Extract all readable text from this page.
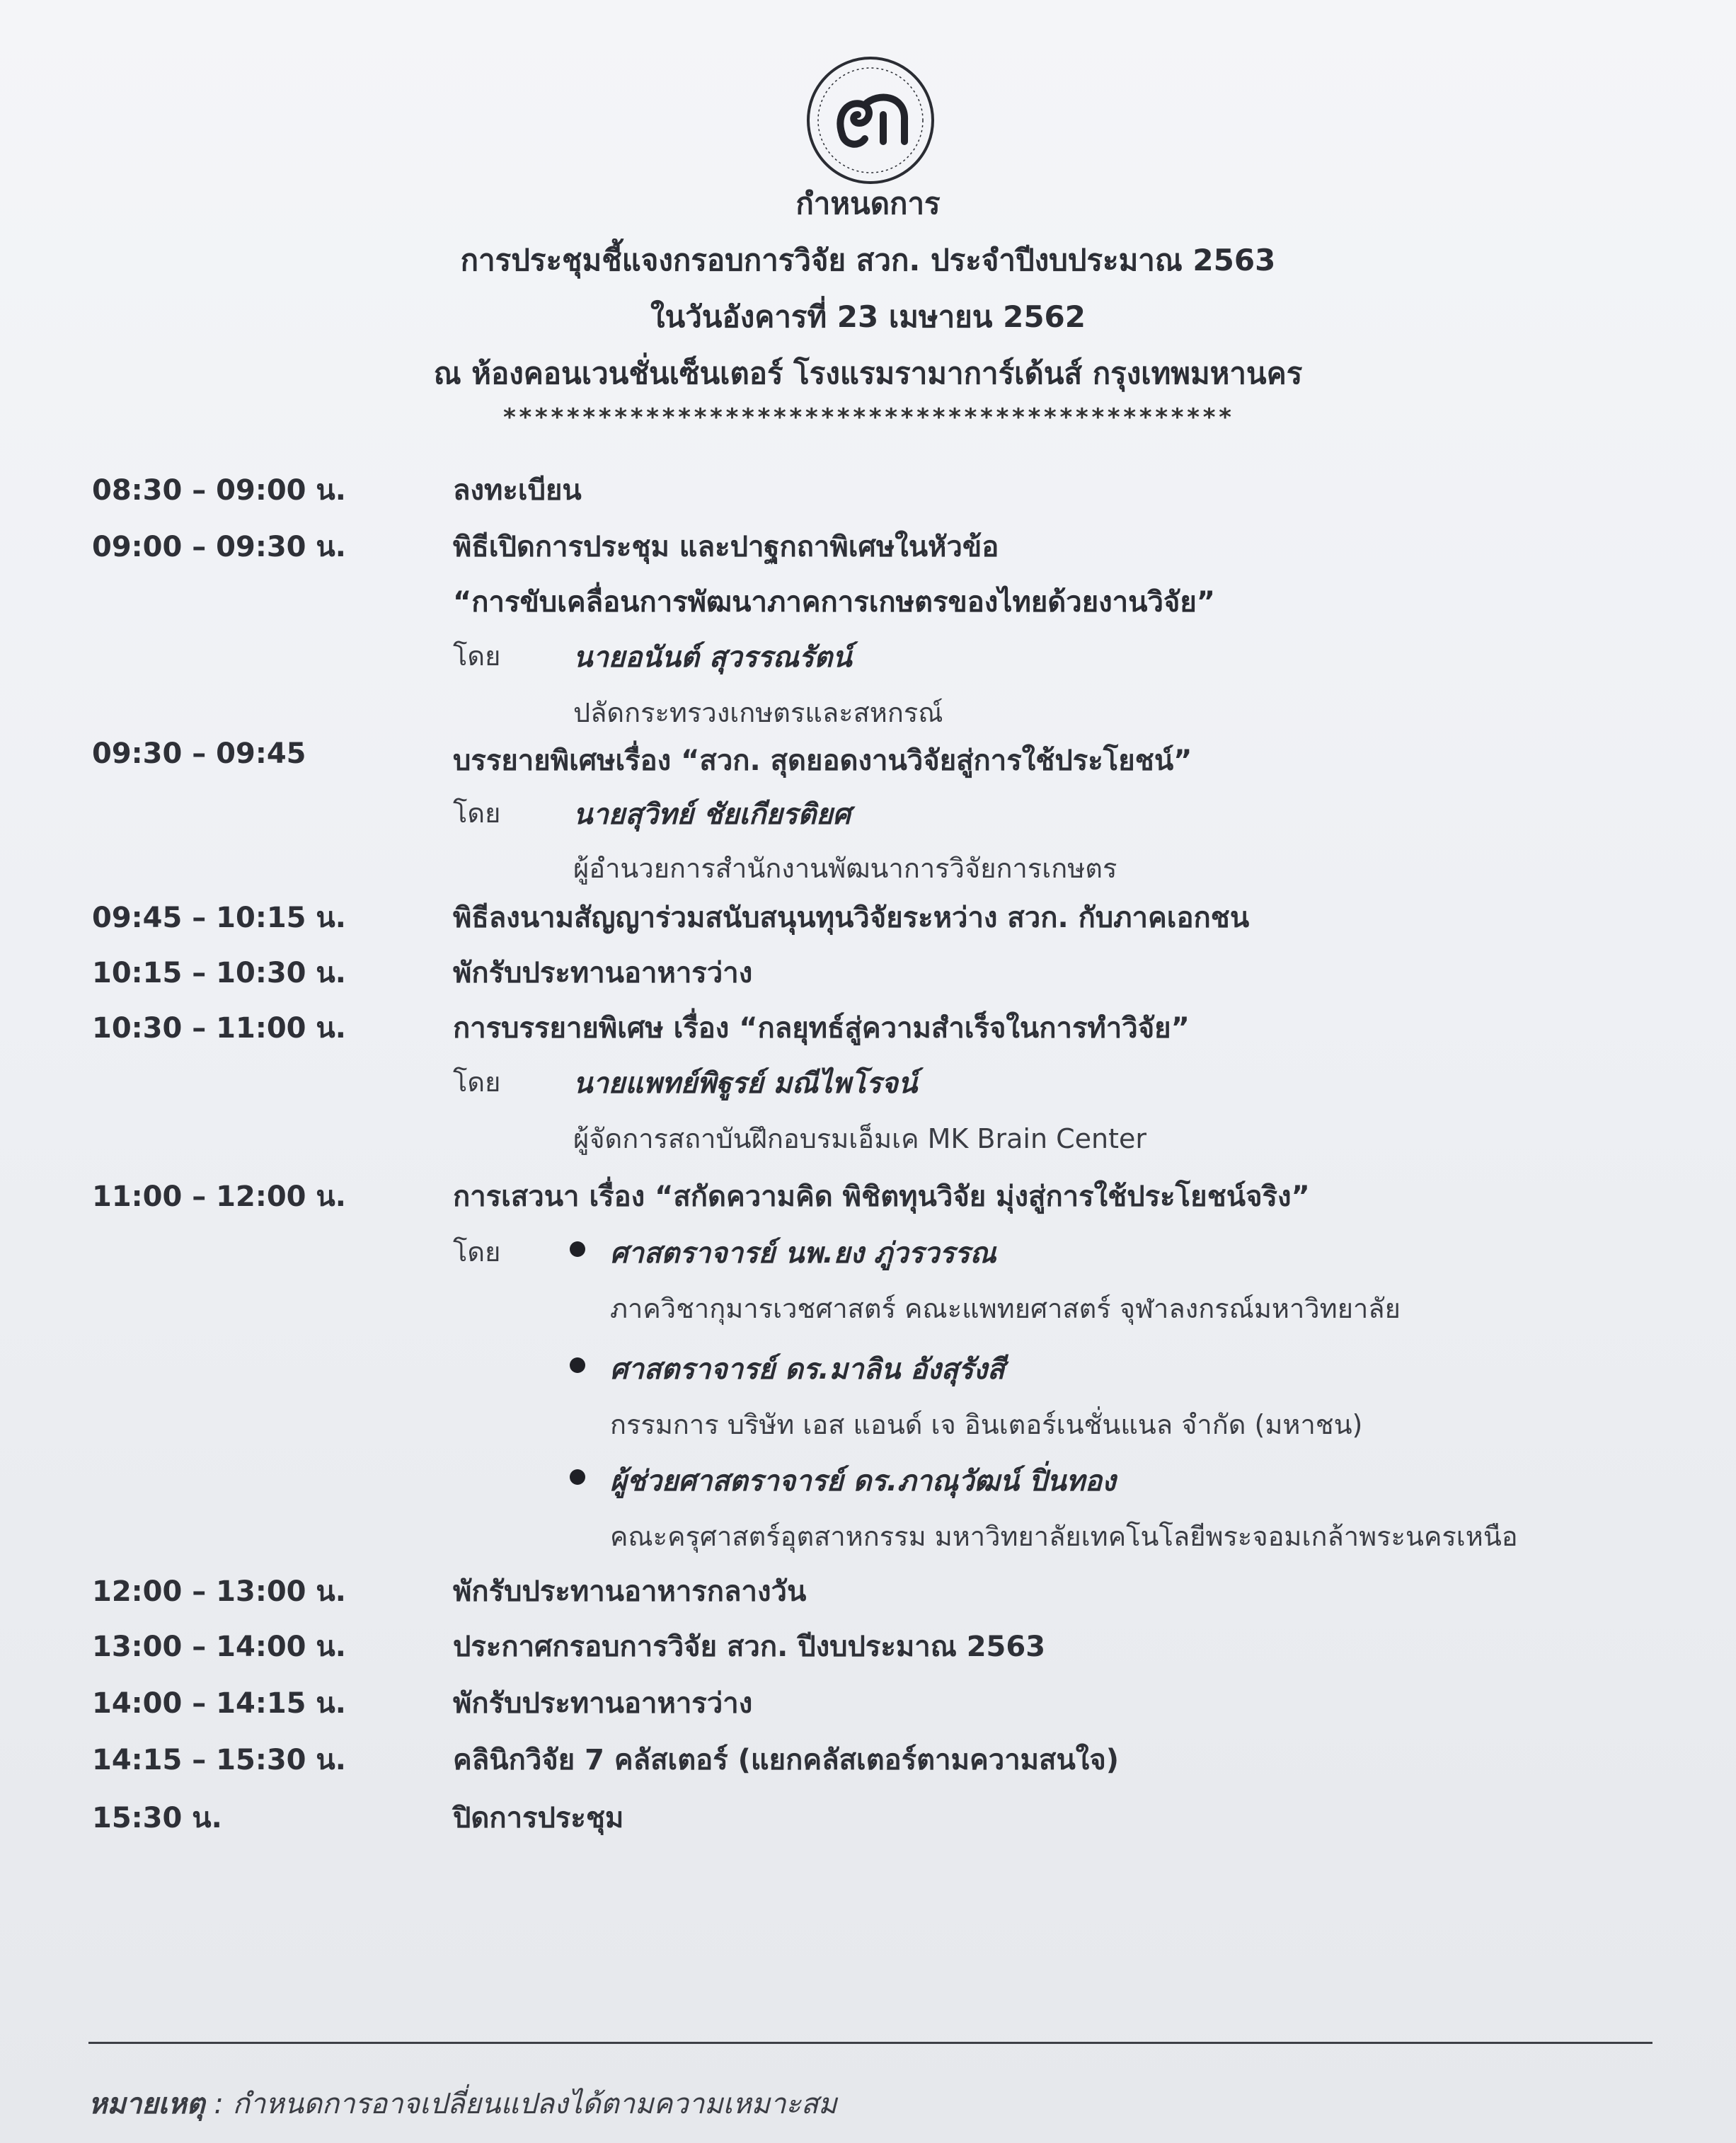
กำหนดการ
การประชุมชี้แจงกรอบการวิจัย สวก. ประจำปีงบประมาณ 2563
ในวันอังคารที่ 23 เมษายน 2562
ณ ห้องคอนเวนชั่นเซ็นเตอร์ โรงแรมรามาการ์เด้นส์ กรุงเทพมหานคร
**********************************************
08:30 – 09:00 น.	ลงทะเบียน
09:00 – 09:30 น.	พิธีเปิดการประชุม และปาฐกถาพิเศษในหัวข้อ
“การขับเคลื่อนการพัฒนาภาคการเกษตรของไทยด้วยงานวิจัย”
โดย	นายอนันต์ สุวรรณรัตน์
ปลัดกระทรวงเกษตรและสหกรณ์
09:30 – 09:45	บรรยายพิเศษเรื่อง “สวก. สุดยอดงานวิจัยสู่การใช้ประโยชน์”
โดย	นายสุวิทย์ ชัยเกียรติยศ
ผู้อำนวยการสำนักงานพัฒนาการวิจัยการเกษตร
09:45 – 10:15 น.	พิธีลงนามสัญญาร่วมสนับสนุนทุนวิจัยระหว่าง สวก. กับภาคเอกชน
10:15 – 10:30 น.	พักรับประทานอาหารว่าง
10:30 – 11:00 น.	การบรรยายพิเศษ เรื่อง “กลยุทธ์สู่ความสำเร็จในการทำวิจัย”
โดย	นายแพทย์พิฐูรย์ มณีไพโรจน์
ผู้จัดการสถาบันฝึกอบรมเอ็มเค MK Brain Center
11:00 – 12:00 น.	การเสวนา เรื่อง “สกัดความคิด พิชิตทุนวิจัย มุ่งสู่การใช้ประโยชน์จริง”
โดย	ศาสตราจารย์ นพ.ยง ภู่วรวรรณ
ภาควิชากุมารเวชศาสตร์ คณะแพทยศาสตร์ จุฬาลงกรณ์มหาวิทยาลัย
ศาสตราจารย์ ดร.มาลิน อังสุรังสี
กรรมการ บริษัท เอส แอนด์ เจ อินเตอร์เนชั่นแนล จำกัด (มหาชน)
ผู้ช่วยศาสตราจารย์ ดร.ภาณุวัฒน์ ปิ่นทอง
คณะครุศาสตร์อุตสาหกรรม มหาวิทยาลัยเทคโนโลยีพระจอมเกล้าพระนครเหนือ
12:00 – 13:00 น.	พักรับประทานอาหารกลางวัน
13:00 – 14:00 น.	ประกาศกรอบการวิจัย สวก. ปีงบประมาณ 2563
14:00 – 14:15 น.	พักรับประทานอาหารว่าง
14:15 – 15:30 น.	คลินิกวิจัย 7 คลัสเตอร์ (แยกคลัสเตอร์ตามความสนใจ)
15:30 น.	ปิดการประชุม
หมายเหตุ : กำหนดการอาจเปลี่ยนแปลงได้ตามความเหมาะสม
